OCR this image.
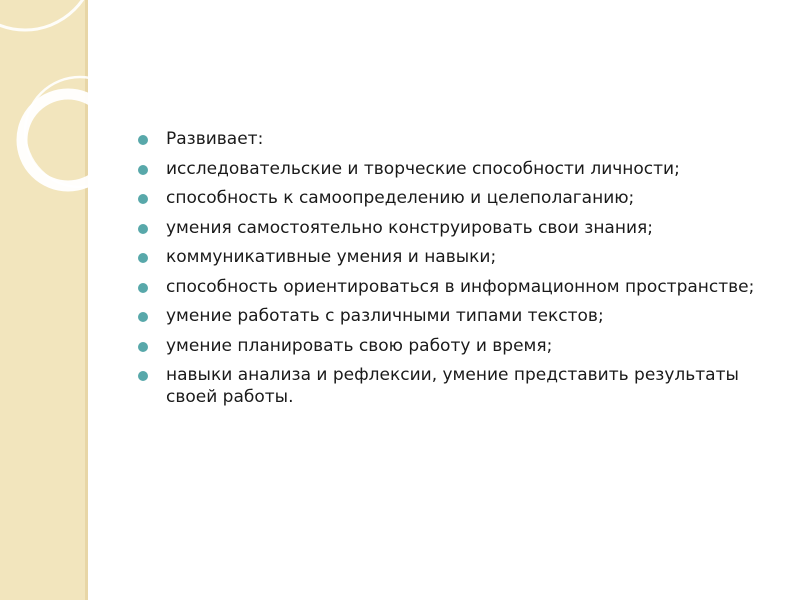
Развивает:
исследовательские и творческие способности личности;
способность к самоопределению и целеполаганию;
умения самостоятельно конструировать свои знания;
коммуникативные умения и навыки;
способность ориентироваться в информационном пространстве;
умение работать с различными типами текстов;
умение планировать свою работу и время;
навыки анализа и рефлексии, умение представить результаты своей работы.
